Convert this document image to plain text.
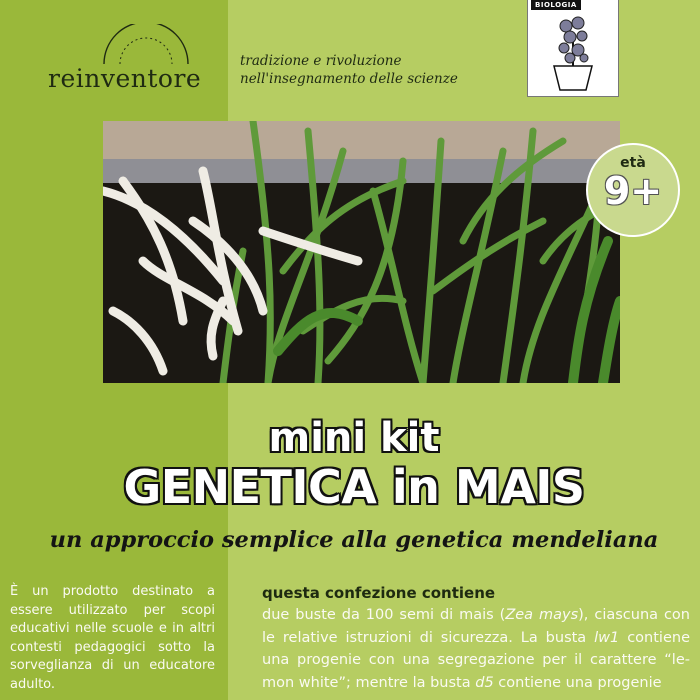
reinventore
tradizione e rivoluzione
nell'insegnamento delle scienze
BIOLOGIA
età
9+
mini kit
GENETICA in MAIS
un approccio semplice alla genetica mendeliana
È un prodotto destinato a essere utilizzato per scopi educativi nelle scuole e in altri contesti pedagogici sotto la sorveglianza di un educatore adulto.
questa confezione contiene
due buste da 100 semi di mais (Zea mays), ciascuna con le relative istruzioni di sicurezza. La busta lw1 contiene una progenie con una segregazione per il carattere “le-mon white”; mentre la busta d5 contiene una progenie
